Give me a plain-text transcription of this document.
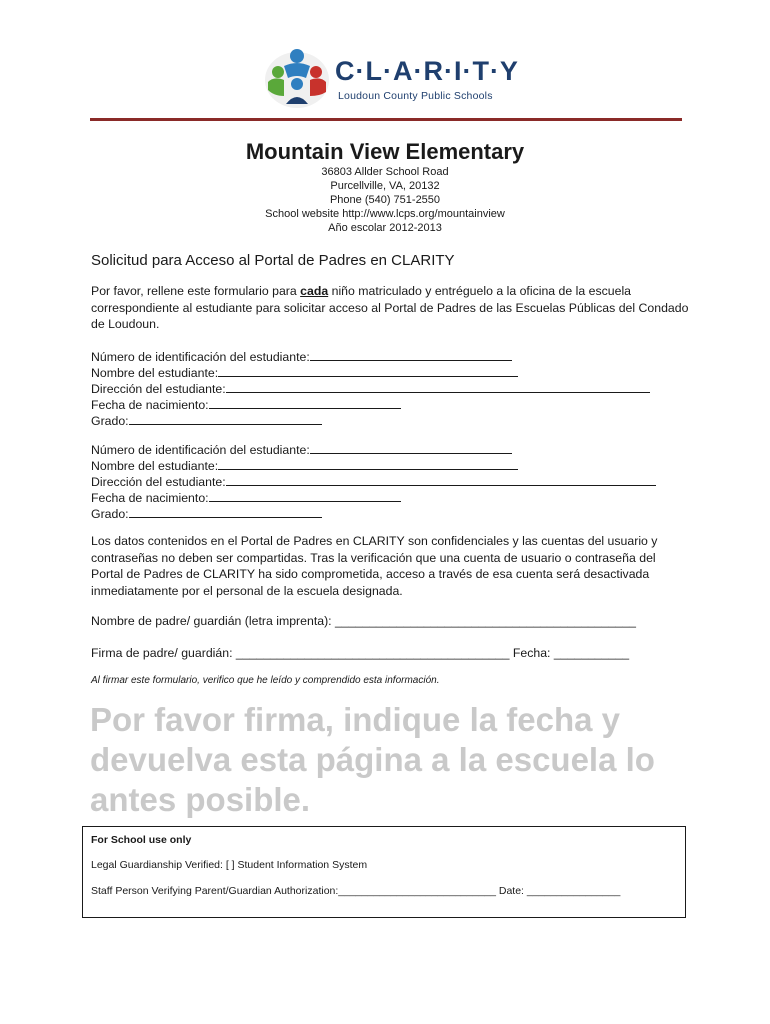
C·L·A·R·I·T·Y
Loudoun County Public Schools
Mountain View Elementary
36803 Allder School Road
Purcellville, VA, 20132
Phone (540) 751-2550
School website http://www.lcps.org/mountainview
Año escolar 2012-2013
Solicitud para Acceso al Portal de Padres en CLARITY
Por favor, rellene este formulario para cada niño matriculado y entréguelo a la oficina de la escuela correspondiente al estudiante para solicitar acceso al Portal de Padres de las Escuelas Públicas del Condado de Loudoun.
Número de identificación del estudiante:
Nombre del estudiante:
Dirección del estudiante:
Fecha de nacimiento:
Grado:
Número de identificación del estudiante:
Nombre del estudiante:
Dirección del estudiante:
Fecha de nacimiento:
Grado:
Los datos contenidos en el Portal de Padres en CLARITY son confidenciales y las cuentas del usuario y contraseñas no deben ser compartidas. Tras la verificación que una cuenta de usuario o contraseña del Portal de Padres de CLARITY ha sido comprometida, acceso a través de esa cuenta será desactivada inmediatamente por el personal de la escuela designada.
Nombre de padre/ guardián (letra imprenta): ____________________________________________
Firma de padre/ guardián: ________________________________________ Fecha: ___________
Al firmar este formulario, verifico que he leído y comprendido esta información.
Por favor firma, indique la fecha y devuelva esta página a la escuela lo antes posible.
For School use only
Legal Guardianship Verified: [ ] Student Information System
Staff Person Verifying Parent/Guardian Authorization:___________________________ Date: ________________
